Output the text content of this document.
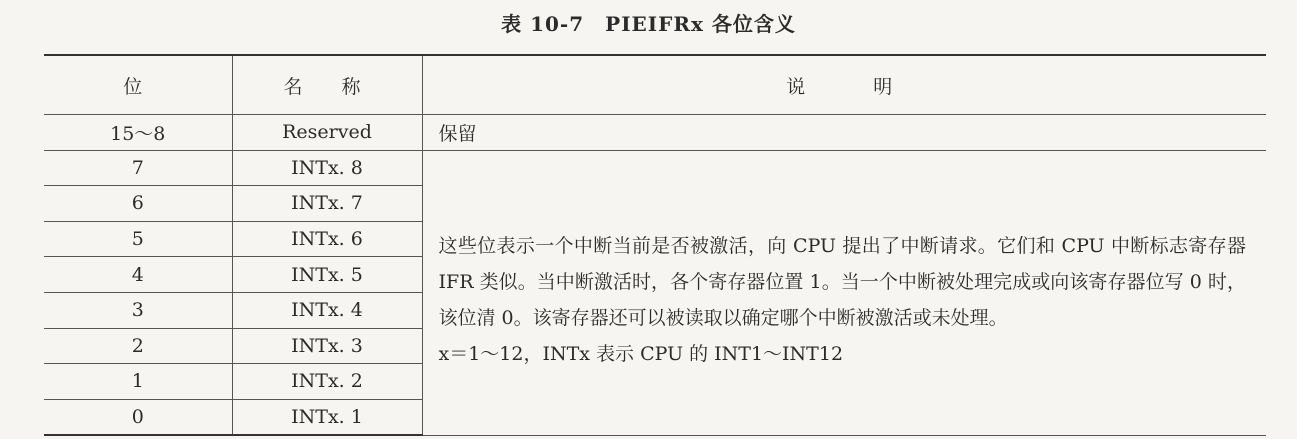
表 10-7　PIEIFRx 各位含义
位	名　称	说　　明
15～8	Reserved	保留
7	INTx. 8	这些位表示一个中断当前是否被激活，向 CPU 提出了中断请求。它们和 CPU 中断标志寄存器 IFR 类似。当中断激活时，各个寄存器位置 1。当一个中断被处理完成或向该寄存器位写 0 时，该位清 0。该寄存器还可以被读取以确定哪个中断被激活或未处理。

x＝1～12，INTx 表示 CPU 的 INT1～INT12

6	INTx. 7	
5	INTx. 6	
4	INTx. 5	
3	INTx. 4	
2	INTx. 3	
1	INTx. 2	
0	INTx. 1	
